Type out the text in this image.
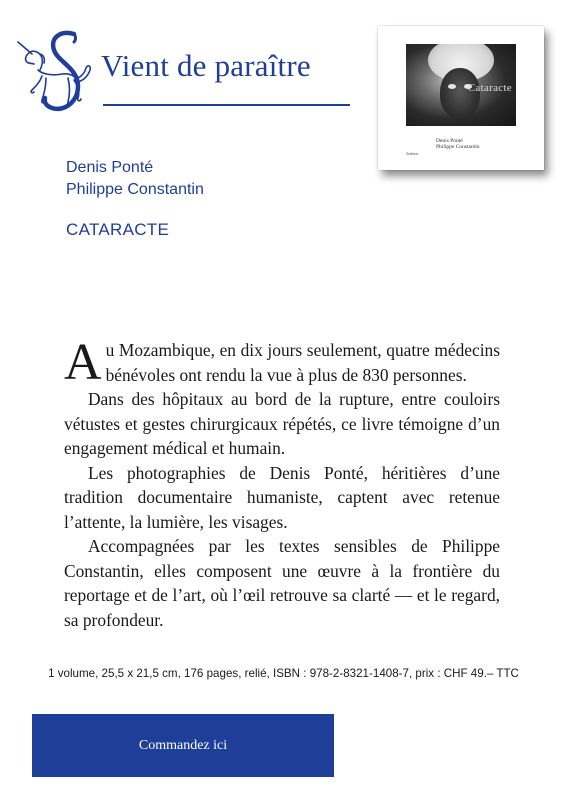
Vient de paraître
Cataracte
Denis Ponté
Philippe Constantin
Slatkine
Denis Ponté
Philippe Constantin
CATARACTE

Au Mozambique, en dix jours seulement, quatre médecins bénévoles ont rendu la vue à plus de 830 personnes.

Dans des hôpitaux au bord de la rupture, entre couloirs vétustes et gestes chirurgicaux répétés, ce livre témoigne d’un engagement médical et humain.

Les photographies de Denis Ponté, héritières d’une tradition documentaire humaniste, captent avec retenue l’attente, la lumière, les visages.

Accompagnées par les textes sensibles de Philippe Constantin, elles composent une œuvre à la frontière du reportage et de l’art, où l’œil retrouve sa clarté — et le regard, sa profondeur.

1 volume, 25,5 x 21,5 cm, 176 pages, relié, ISBN : 978-2-8321-1408-7, prix : CHF 49.– TTC
Commandez ici
